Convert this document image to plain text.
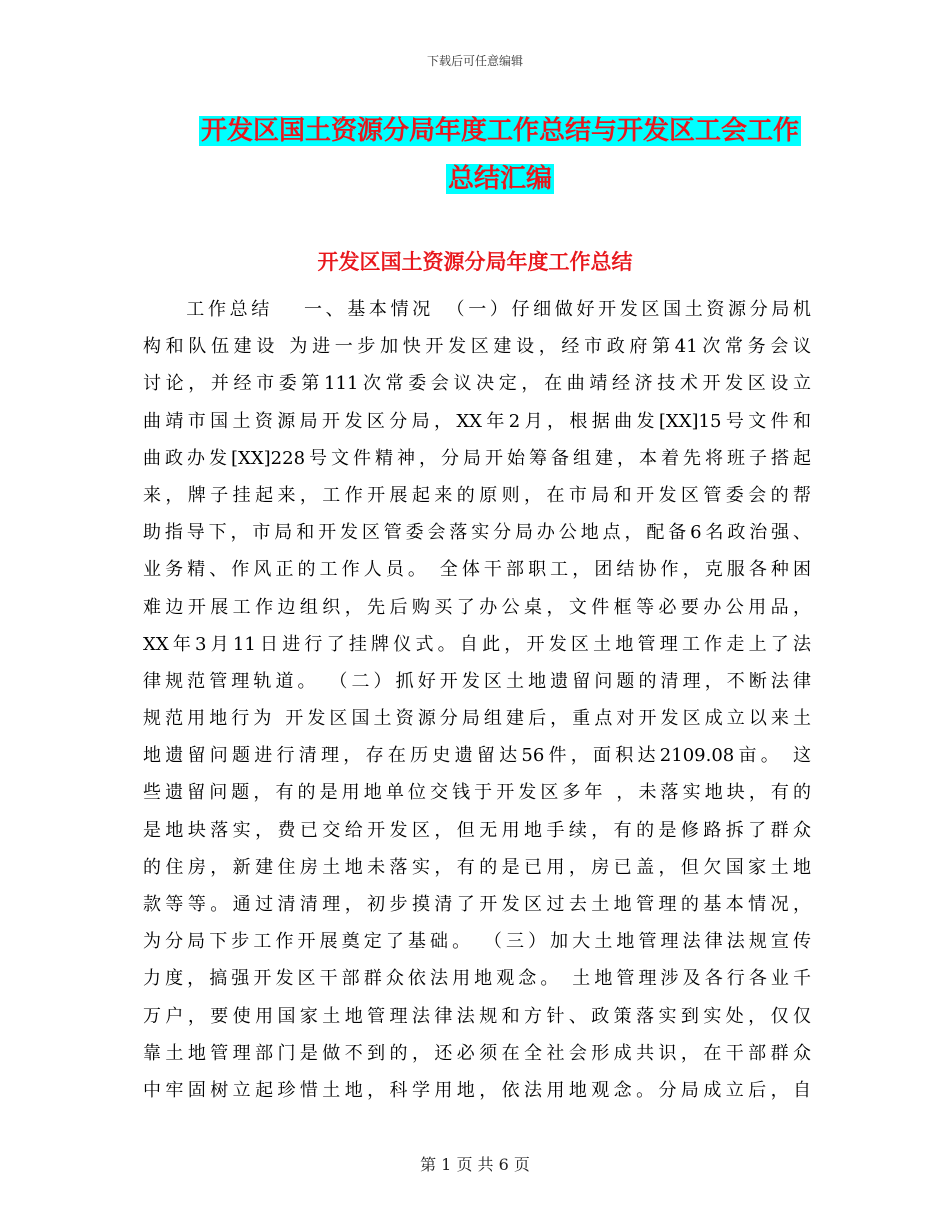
下载后可任意编辑
开发区国土资源分局年度工作总结与开发区工会工作
总结汇编
开发区国土资源分局年度工作总结
　　工作总结　 一、基本情况　（一）仔细做好开发区国土资源分局机
构和队伍建设 为进一步加快开发区建设，经市政府第41次常务会议
讨论，并经市委第111次常委会议决定，在曲靖经济技术开发区设立
曲靖市国土资源局开发区分局，XX年2月，根据曲发[XX]15号文件和
曲政办发[XX]228号文件精神，分局开始筹备组建，本着先将班子搭起
来，牌子挂起来，工作开展起来的原则，在市局和开发区管委会的帮
助指导下，市局和开发区管委会落实分局办公地点，配备6名政治强、
业务精、作风正的工作人员。 全体干部职工，团结协作，克服各种困
难边开展工作边组织，先后购买了办公桌，文件框等必要办公用品，
XX年3月11日进行了挂牌仪式。自此，开发区土地管理工作走上了法
律规范管理轨道。 （二）抓好开发区土地遗留问题的清理，不断法律
规范用地行为 开发区国土资源分局组建后，重点对开发区成立以来土
地遗留问题进行清理，存在历史遗留达56件，面积达2109.08亩。 这
些遗留问题，有的是用地单位交钱于开发区多年 ，未落实地块，有的
是地块落实，费已交给开发区，但无用地手续，有的是修路拆了群众
的住房，新建住房土地未落实，有的是已用，房已盖，但欠国家土地
款等等。通过清清理，初步摸清了开发区过去土地管理的基本情况，
为分局下步工作开展奠定了基础。 （三）加大土地管理法律法规宣传
力度，搞强开发区干部群众依法用地观念。 土地管理涉及各行各业千
万户，要使用国家土地管理法律法规和方针、政策落实到实处，仅仅
靠土地管理部门是做不到的，还必须在全社会形成共识，在干部群众
中牢固树立起珍惜土地，科学用地，依法用地观念。分局成立后，自
第 1 页 共 6 页
